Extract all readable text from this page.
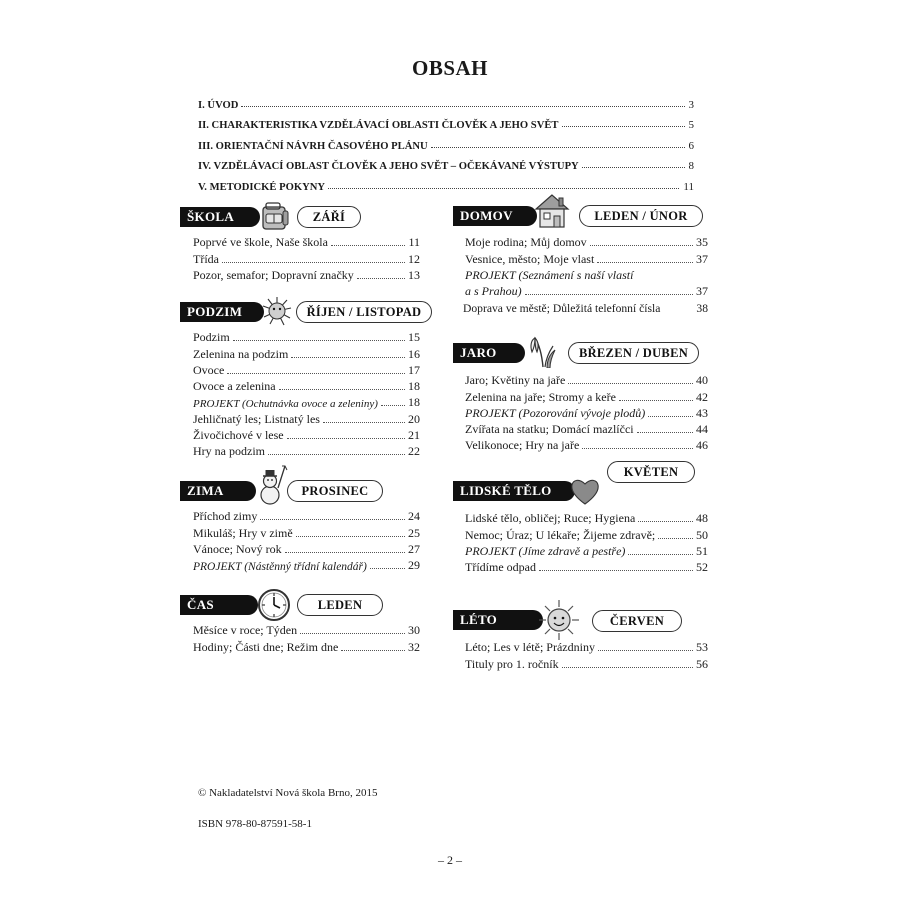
OBSAH
I. ÚVOD	3
II. CHARAKTERISTIKA VZDĚLÁVACÍ OBLASTI ČLOVĚK A JEHO SVĚT	5
III. ORIENTAČNÍ NÁVRH ČASOVÉHO PLÁNU	6
IV. VZDĚLÁVACÍ OBLAST ČLOVĚK A JEHO SVĚT – OČEKÁVANÉ VÝSTUPY	8
V. METODICKÉ POKYNY	11
ŠKOLA	ZÁŘÍ
Poprvé ve škole, Naše škola	11
Třída	12
Pozor, semafor; Dopravní značky	13
PODZIM	ŘÍJEN / LISTOPAD
Podzim	15
Zelenina na podzim	16
Ovoce	17
Ovoce a zelenina	18
PROJEKT (Ochutnávka ovoce a zeleniny)	18
Jehličnatý les; Listnatý les	20
Živočichové v lese	21
Hry na podzim	22
ZIMA	PROSINEC
Příchod zimy	24
Mikuláš; Hry v zimě	25
Vánoce; Nový rok	27
PROJEKT (Nástěnný třídní kalendář)	29
ČAS	LEDEN
Měsíce v roce; Týden	30
Hodiny; Části dne; Režim dne	32
DOMOV	LEDEN / ÚNOR
Moje rodina; Můj domov	35
Vesnice, město; Moje vlast	37
PROJEKT (Seznámení s naší vlastí
a s Prahou)	37
Doprava ve městě; Důležitá telefonní čísla	38
JARO	BŘEZEN / DUBEN
Jaro; Květiny na jaře	40
Zelenina na jaře; Stromy a keře	42
PROJEKT (Pozorování vývoje plodů)	43
Zvířata na statku; Domácí mazlíčci	44
Velikonoce; Hry na jaře	46
LIDSKÉ TĚLO
KVĚTEN
Lidské tělo, obličej; Ruce; Hygiena	48
Nemoc; Úraz; U lékaře; Žijeme zdravě;	50
PROJEKT (Jíme zdravě a pestře)	51
Třídíme odpad	52
LÉTO	ČERVEN
Léto; Les v létě; Prázdniny	53
Tituly pro 1. ročník	56
© Nakladatelství Nová škola Brno, 2015
ISBN 978-80-87591-58-1
– 2 –
